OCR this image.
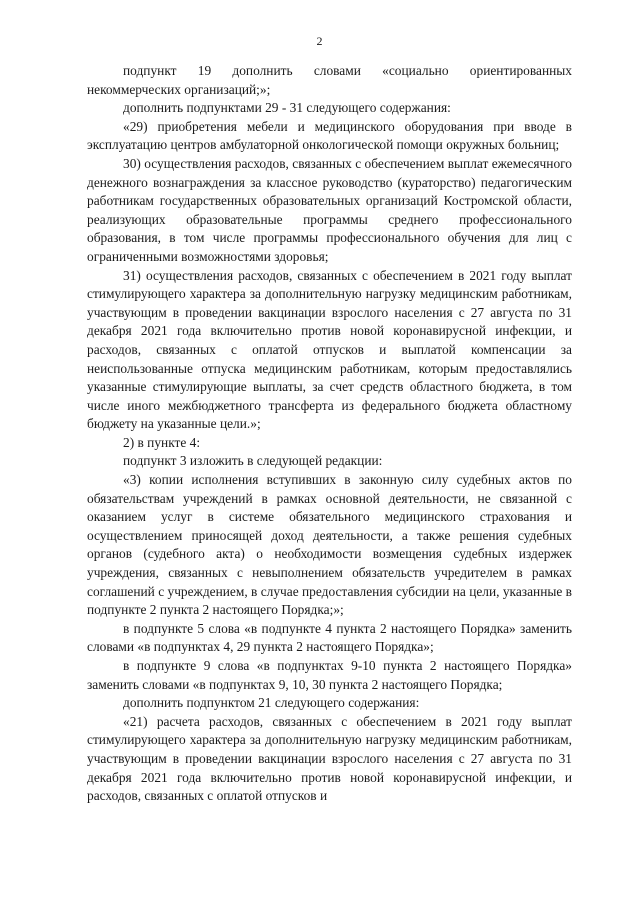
2

подпункт 19 дополнить словами «социально ориентированных некоммерческих организаций;»;

дополнить подпунктами 29 - 31 следующего содержания:

«29) приобретения мебели и медицинского оборудования при вводе в эксплуатацию центров амбулаторной онкологической помощи окружных больниц;

30) осуществления расходов, связанных с обеспечением выплат ежемесячного денежного вознаграждения за классное руководство (кураторство) педагогическим работникам государственных образовательных организаций Костромской области, реализующих образовательные программы среднего профессионального образования, в том числе программы профессионального обучения для лиц с ограниченными возможностями здоровья;

31) осуществления расходов, связанных с обеспечением в 2021 году выплат стимулирующего характера за дополнительную нагрузку медицинским работникам, участвующим в проведении вакцинации взрослого населения с 27 августа по 31 декабря 2021 года включительно против новой коронавирусной инфекции, и расходов, связанных с оплатой отпусков и выплатой компенсации за неиспользованные отпуска медицинским работникам, которым предоставлялись указанные стимулирующие выплаты, за счет средств областного бюджета, в том числе иного межбюджетного трансферта из федерального бюджета областному бюджету на указанные цели.»;

2) в пункте 4:

подпункт 3 изложить в следующей редакции:

«3) копии исполнения вступивших в законную силу судебных актов по обязательствам учреждений в рамках основной деятельности, не связанной с оказанием услуг в системе обязательного медицинского страхования и осуществлением приносящей доход деятельности, а также решения судебных органов (судебного акта) о необходимости возмещения судебных издержек учреждения, связанных с невыполнением обязательств учредителем в рамках соглашений с учреждением, в случае предоставления субсидии на цели, указанные в подпункте 2 пункта 2 настоящего Порядка;»;

в подпункте 5 слова «в подпункте 4 пункта 2 настоящего Порядка» заменить словами «в подпунктах 4, 29 пункта 2 настоящего Порядка»;

в подпункте 9 слова «в подпунктах 9-10 пункта 2 настоящего Порядка» заменить словами «в подпунктах 9, 10, 30 пункта 2 настоящего Порядка;

дополнить подпунктом 21 следующего содержания:

«21) расчета расходов, связанных с обеспечением в 2021 году выплат стимулирующего характера за дополнительную нагрузку медицинским работникам, участвующим в проведении вакцинации взрослого населения с 27 августа по 31 декабря 2021 года включительно против новой коронавирусной инфекции, и расходов, связанных с оплатой отпусков и
